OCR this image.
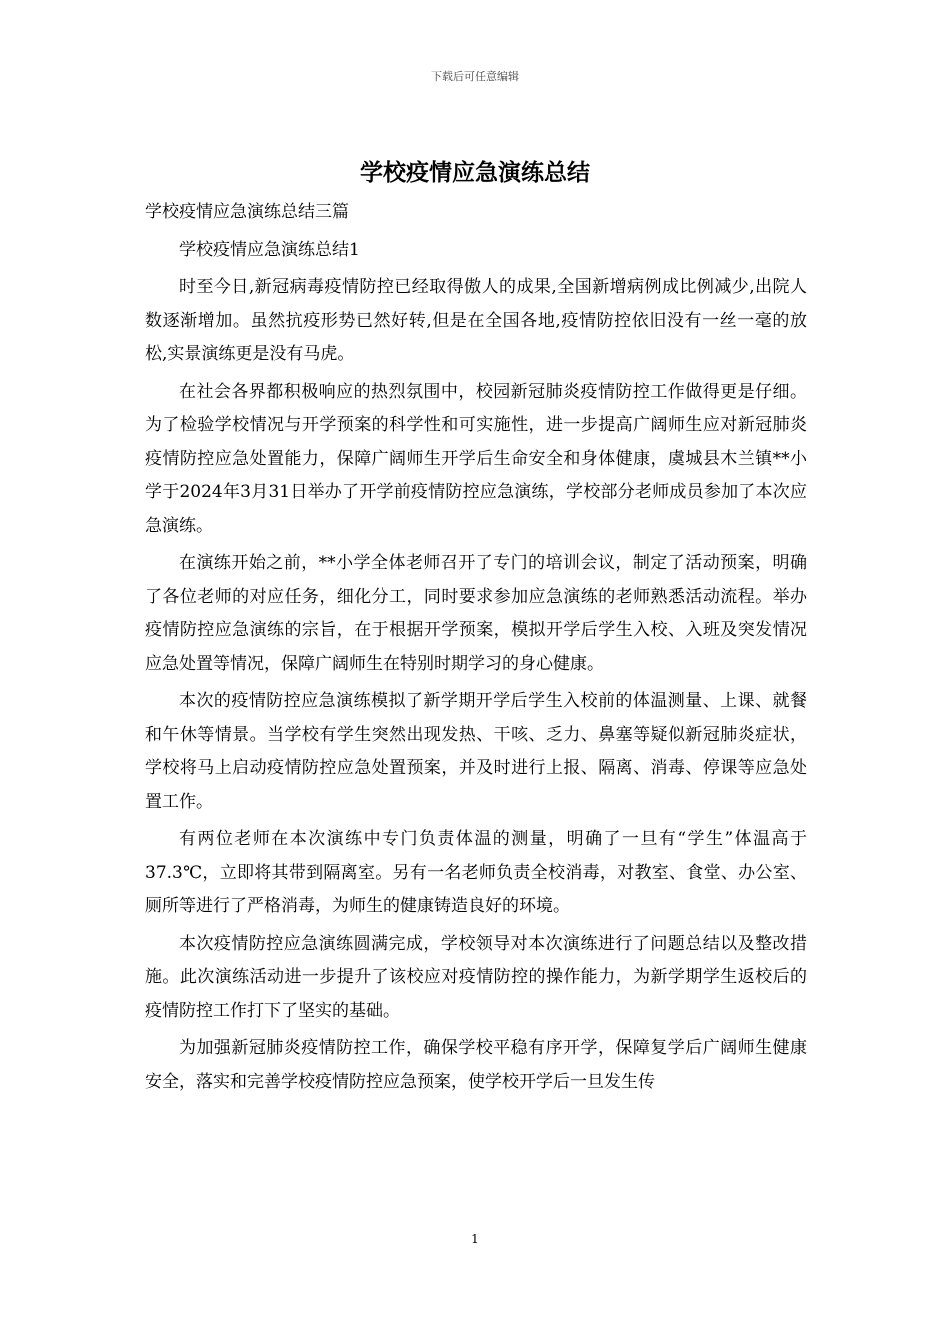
下载后可任意编辑
学校疫情应急演练总结

学校疫情应急演练总结三篇

学校疫情应急演练总结1

时至今日,新冠病毒疫情防控已经取得傲人的成果,全国新增病例成比例减少,出院人数逐渐增加。虽然抗疫形势已然好转,但是在全国各地,疫情防控依旧没有一丝一毫的放松,实景演练更是没有马虎。

在社会各界都积极响应的热烈氛围中，校园新冠肺炎疫情防控工作做得更是仔细。为了检验学校情况与开学预案的科学性和可实施性，进一步提高广阔师生应对新冠肺炎疫情防控应急处置能力，保障广阔师生开学后生命安全和身体健康，虞城县木兰镇**小学于2024年3月31日举办了开学前疫情防控应急演练，学校部分老师成员参加了本次应急演练。

在演练开始之前，**小学全体老师召开了专门的培训会议，制定了活动预案，明确了各位老师的对应任务，细化分工，同时要求参加应急演练的老师熟悉活动流程。举办疫情防控应急演练的宗旨，在于根据开学预案，模拟开学后学生入校、入班及突发情况应急处置等情况，保障广阔师生在特别时期学习的身心健康。

本次的疫情防控应急演练模拟了新学期开学后学生入校前的体温测量、上课、就餐和午休等情景。当学校有学生突然出现发热、干咳、乏力、鼻塞等疑似新冠肺炎症状，学校将马上启动疫情防控应急处置预案，并及时进行上报、隔离、消毒、停课等应急处置工作。

有两位老师在本次演练中专门负责体温的测量，明确了一旦有“学生”体温高于37.3℃，立即将其带到隔离室。另有一名老师负责全校消毒，对教室、食堂、办公室、厕所等进行了严格消毒，为师生的健康铸造良好的环境。

本次疫情防控应急演练圆满完成，学校领导对本次演练进行了问题总结以及整改措施。此次演练活动进一步提升了该校应对疫情防控的操作能力，为新学期学生返校后的疫情防控工作打下了坚实的基础。

为加强新冠肺炎疫情防控工作，确保学校平稳有序开学，保障复学后广阔师生健康安全，落实和完善学校疫情防控应急预案，使学校开学后一旦发生传

1
